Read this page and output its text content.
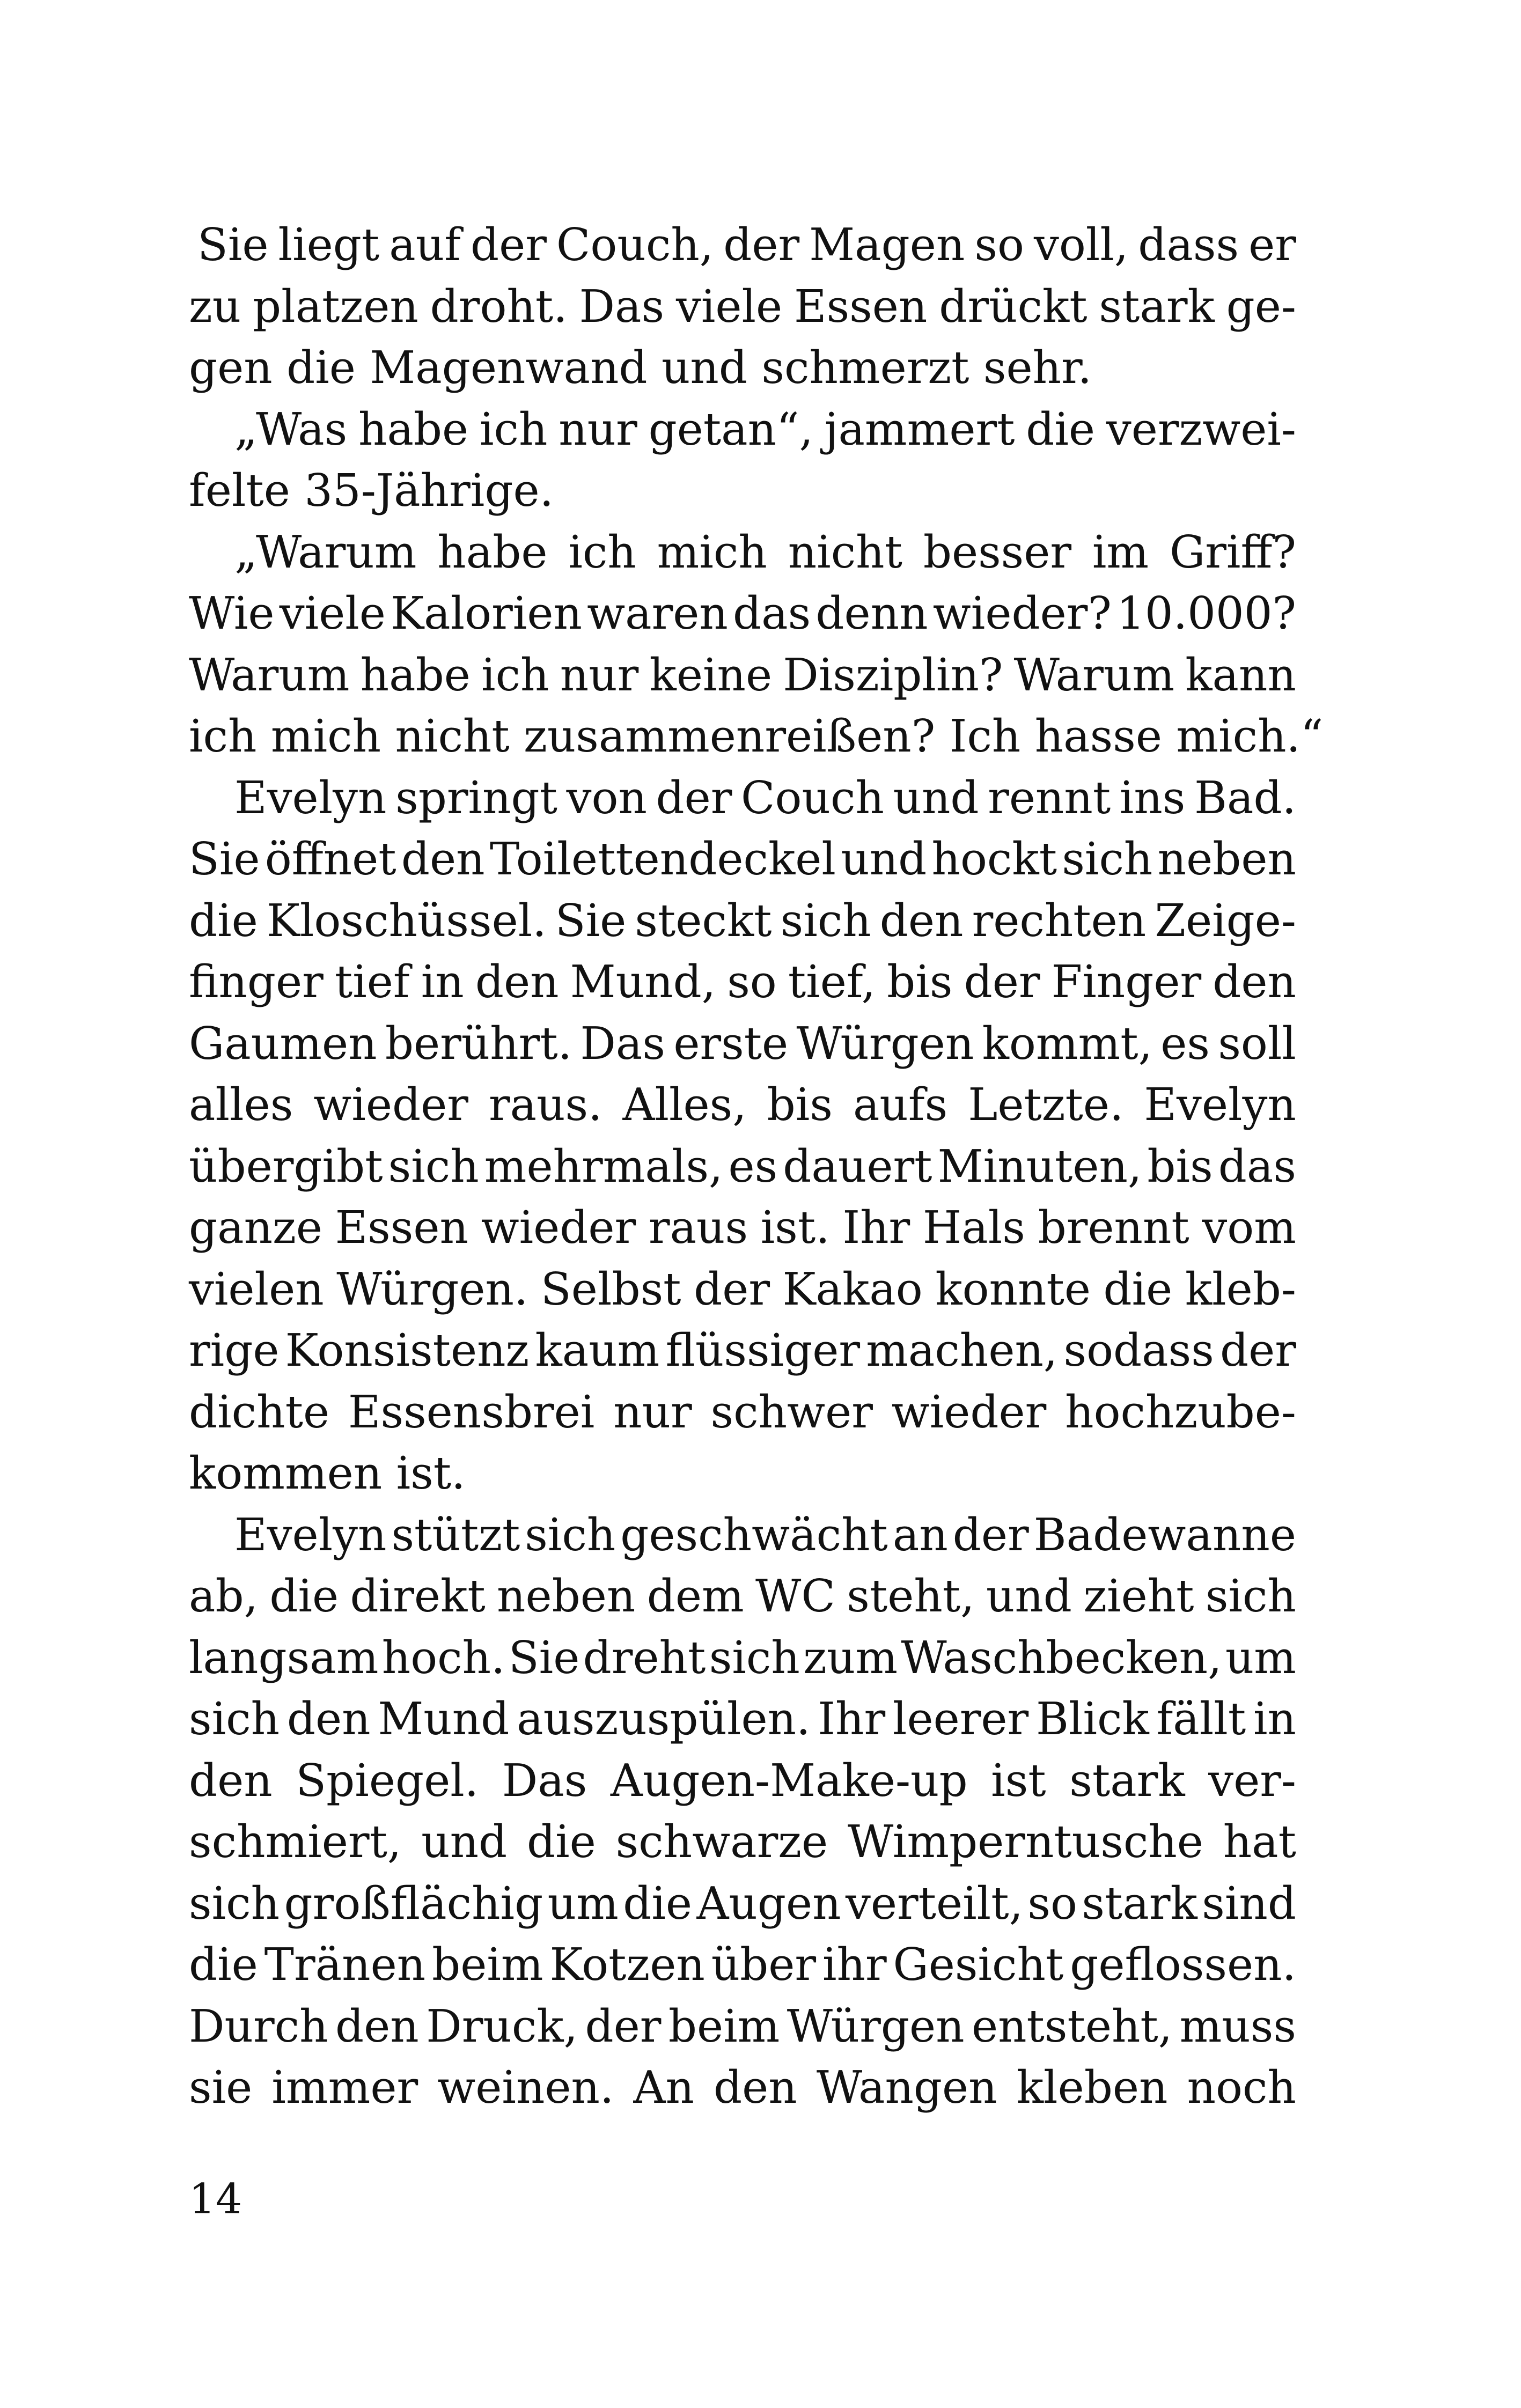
Sie liegt auf der Couch, der Magen so voll, dass er
zu platzen droht. Das viele Essen drückt stark ge-
gen die Magenwand und schmerzt sehr.
„Was habe ich nur getan“, jammert die verzwei-
felte 35-Jährige.
„Warum habe ich mich nicht besser im Griff?
Wie viele Kalorien waren das denn wieder? 10.000?
Warum habe ich nur keine Disziplin? Warum kann
ich mich nicht zusammenreißen? Ich hasse mich.“
Evelyn springt von der Couch und rennt ins Bad.
Sie öffnet den Toilettendeckel und hockt sich neben
die Kloschüssel. Sie steckt sich den rechten Zeige-
finger tief in den Mund, so tief, bis der Finger den
Gaumen berührt. Das erste Würgen kommt, es soll
alles wieder raus. Alles, bis aufs Letzte. Evelyn
übergibt sich mehrmals, es dauert Minuten, bis das
ganze Essen wieder raus ist. Ihr Hals brennt vom
vielen Würgen. Selbst der Kakao konnte die kleb-
rige Konsistenz kaum flüssiger machen, sodass der
dichte Essensbrei nur schwer wieder hochzube-
kommen ist.
Evelyn stützt sich geschwächt an der Badewanne
ab, die direkt neben dem WC steht, und zieht sich
langsam hoch. Sie dreht sich zum Waschbecken, um
sich den Mund auszuspülen. Ihr leerer Blick fällt in
den Spiegel. Das Augen-Make-up ist stark ver-
schmiert, und die schwarze Wimperntusche hat
sich großflächig um die Augen verteilt, so stark sind
die Tränen beim Kotzen über ihr Gesicht geflossen.
Durch den Druck, der beim Würgen entsteht, muss
sie immer weinen. An den Wangen kleben noch
14
